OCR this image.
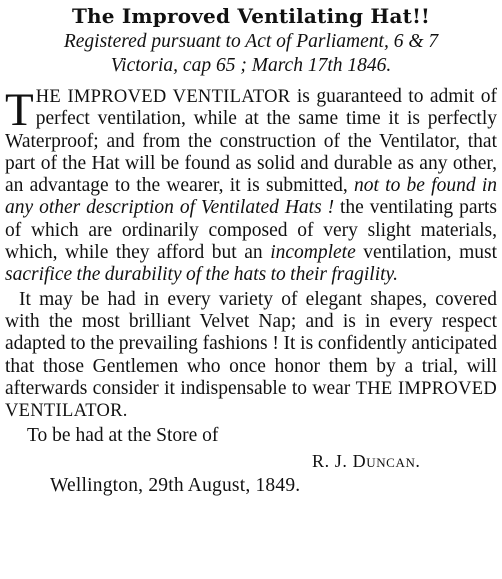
The Improved Ventilating Hat!!

Registered pursuant to Act of Parliament, 6 & 7

Victoria, cap 65 ; March 17th 1846.

THE IMPROVED VENTILATOR is guaranteed to admit of perfect ventilation, while at the same time it is perfectly Waterproof; and from the construction of the Ventilator, that part of the Hat will be found as solid and durable as any other, an advantage to the wearer, it is submitted, not to be found in any other description of Ventilated Hats ! the ventilating parts of which are ordinarily composed of very slight materials, which, while they afford but an incomplete ventilation, must sacrifice the durability of the hats to their fragility.

It may be had in every variety of elegant shapes, covered with the most brilliant Velvet Nap; and is in every respect adapted to the prevailing fashions ! It is confidently anticipated that those Gentlemen who once honor them by a trial, will afterwards consider it indispensable to wear THE IMPROVED VENTILATOR.

To be had at the Store of

R. J. Duncan.

Wellington, 29th August, 1849.
